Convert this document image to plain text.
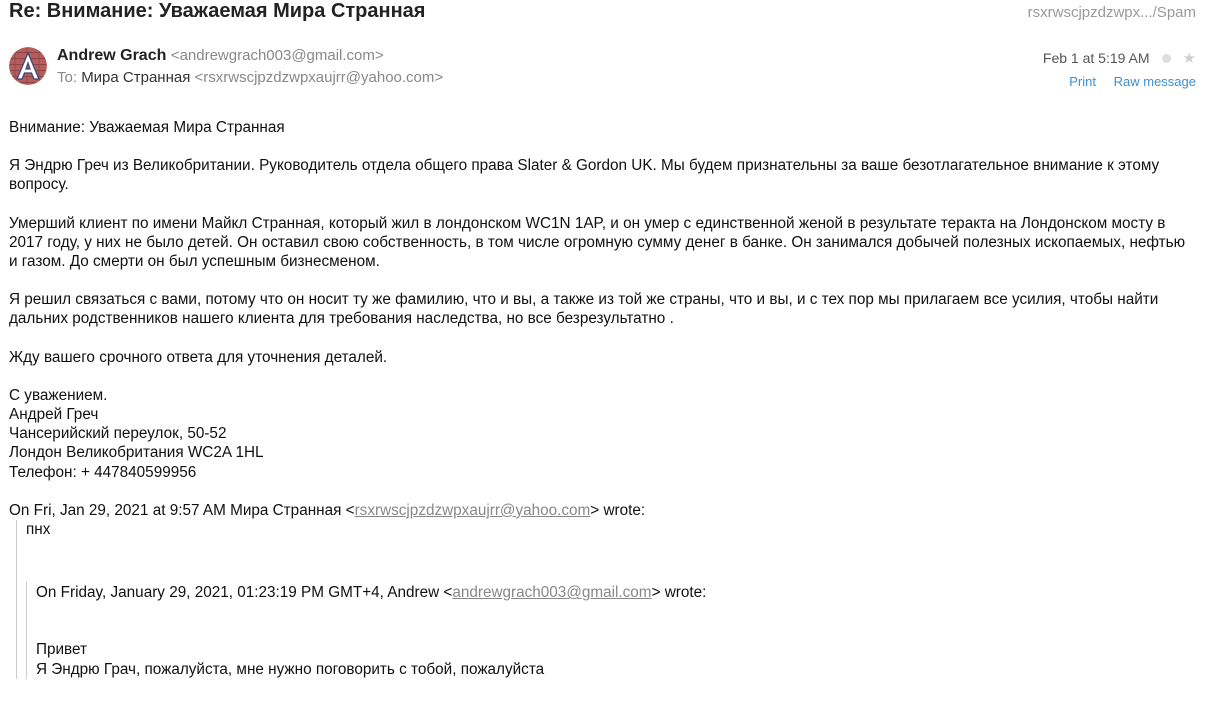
Re: Внимание: Уважаемая Мира Странная	rsxrwscjpzdzwpx.../Spam
Andrew Grach <andrewgrach003@gmail.com>
To: Мира Странная <rsxrwscjpzdzwpxaujrr@yahoo.com>
Feb 1 at 5:19 AM ★
Print Raw message

Внимание: Уважаемая Мира Странная

Я Эндрю Греч из Великобритании. Руководитель отдела общего права Slater & Gordon UK. Мы будем признательны за ваше безотлагательное внимание к этому вопросу.

Умерший клиент по имени Майкл Странная, который жил в лондонском WC1N 1AP, и он умер с единственной женой в результате теракта на Лондонском мосту в 2017 году, у них не было детей. Он оставил свою собственность, в том числе огромную сумму денег в банке. Он занимался добычей полезных ископаемых, нефтью и газом. До смерти он был успешным бизнесменом.

Я решил связаться с вами, потому что он носит ту же фамилию, что и вы, а также из той же страны, что и вы, и с тех пор мы прилагаем все усилия, чтобы найти дальних родственников нашего клиента для требования наследства, но все безрезультатно .

Жду вашего срочного ответа для уточнения деталей.

С уважением.
Андрей Греч
Чансерийский переулок, 50-52
Лондон Великобритания WC2A 1HL
Телефон: + 447840599956
On Fri, Jan 29, 2021 at 9:57 AM Мира Странная <rsxrwscjpzdzwpxaujrr@yahoo.com> wrote:
пнх
On Friday, January 29, 2021, 01:23:19 PM GMT+4, Andrew <andrewgrach003@gmail.com> wrote:
Привет
Я Эндрю Грач, пожалуйста, мне нужно поговорить с тобой, пожалуйста
